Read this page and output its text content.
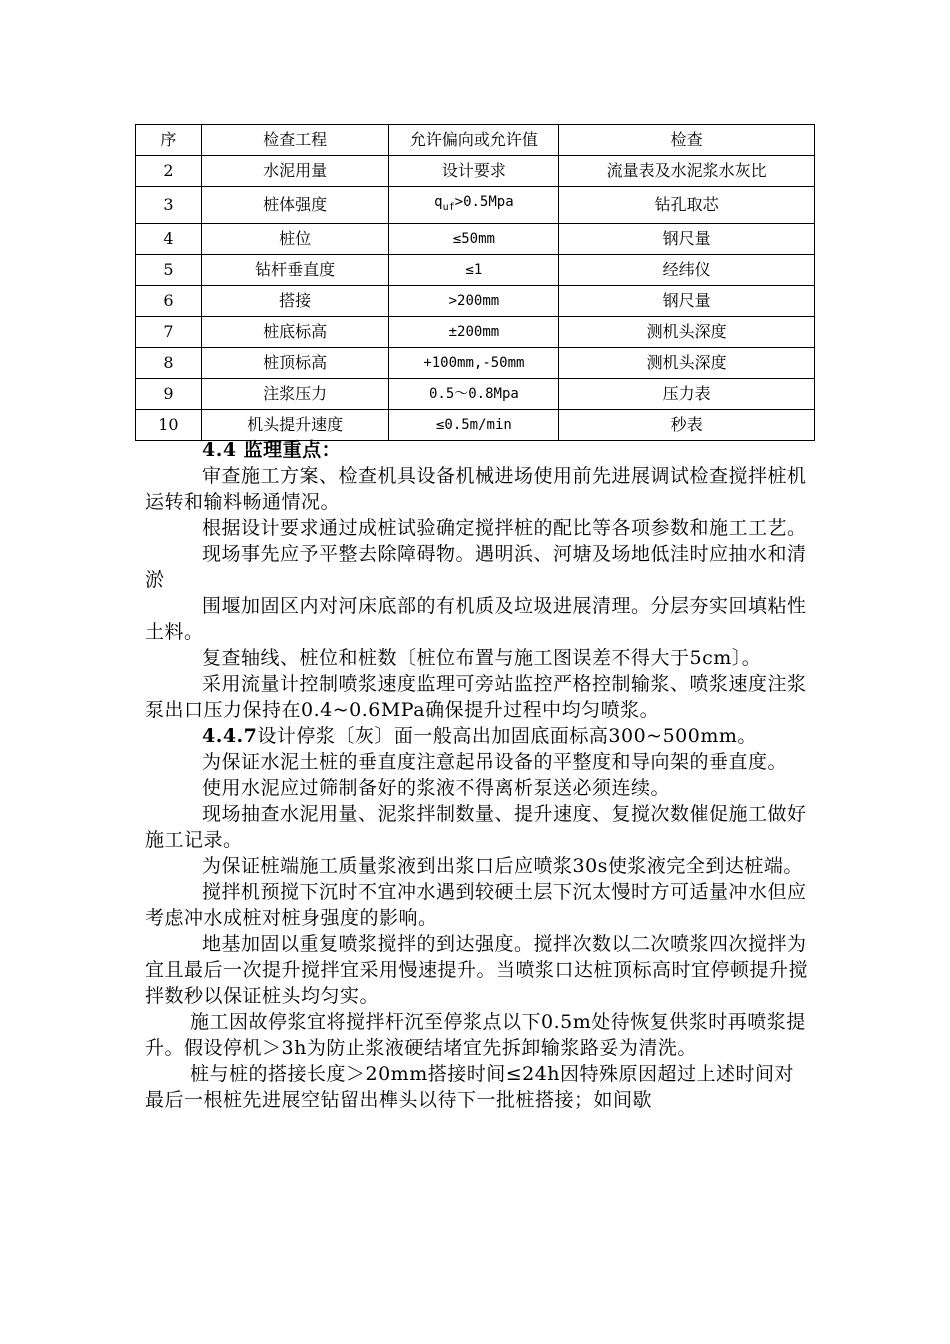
序	检查工程	允许偏向或允许值	检查
2	水泥用量	设计要求	流量表及水泥浆水灰比
3	桩体强度	$q_{uf}>0.5Mpa$	钻孔取芯
4	桩位	≤50mm	钢尺量
5	钻杆垂直度	≤1	经纬仪
6	搭接	>200mm	钢尺量
7	桩底标高	±200mm	测机头深度
8	桩顶标高	+100mm,-50mm	测机头深度
9	注浆压力	0.5～0.8Mpa	压力表
10	机头提升速度	≤0.5m/min	秒表

4.4 监理重点：

审查施工方案、检查机具设备机械进场使用前先进展调试检查搅拌桩机运转和输料畅通情况。

根据设计要求通过成桩试验确定搅拌桩的配比等各项参数和施工工艺。

现场事先应予平整去除障碍物。遇明浜、河塘及场地低洼时应抽水和清淤

围堰加固区内对河床底部的有机质及垃圾进展清理。分层夯实回填粘性土料。

复查轴线、桩位和桩数〔桩位布置与施工图误差不得大于5cm〕。

采用流量计控制喷浆速度监理可旁站监控严格控制输浆、喷浆速度注浆泵出口压力保持在0.4~0.6MPa确保提升过程中均匀喷浆。

4.4.7设计停浆〔灰〕面一般高出加固底面标高300~500mm。

为保证水泥土桩的垂直度注意起吊设备的平整度和导向架的垂直度。

使用水泥应过筛制备好的浆液不得离析泵送必须连续。

现场抽查水泥用量、泥浆拌制数量、提升速度、复搅次数催促施工做好施工记录。

为保证桩端施工质量浆液到出浆口后应喷浆30s使浆液完全到达桩端。

搅拌机预搅下沉时不宜冲水遇到较硬土层下沉太慢时方可适量冲水但应考虑冲水成桩对桩身强度的影响。

地基加固以重复喷浆搅拌的到达强度。搅拌次数以二次喷浆四次搅拌为宜且最后一次提升搅拌宜采用慢速提升。当喷浆口达桩顶标高时宜停顿提升搅拌数秒以保证桩头均匀实。

施工因故停浆宜将搅拌杆沉至停浆点以下0.5m处待恢复供浆时再喷浆提升。假设停机＞3h为防止浆液硬结堵宜先拆卸输浆路妥为清洗。

桩与桩的搭接长度＞20mm搭接时间≤24h因特殊原因超过上述时间对最后一根桩先进展空钻留出榫头以待下一批桩搭接；如间歇
